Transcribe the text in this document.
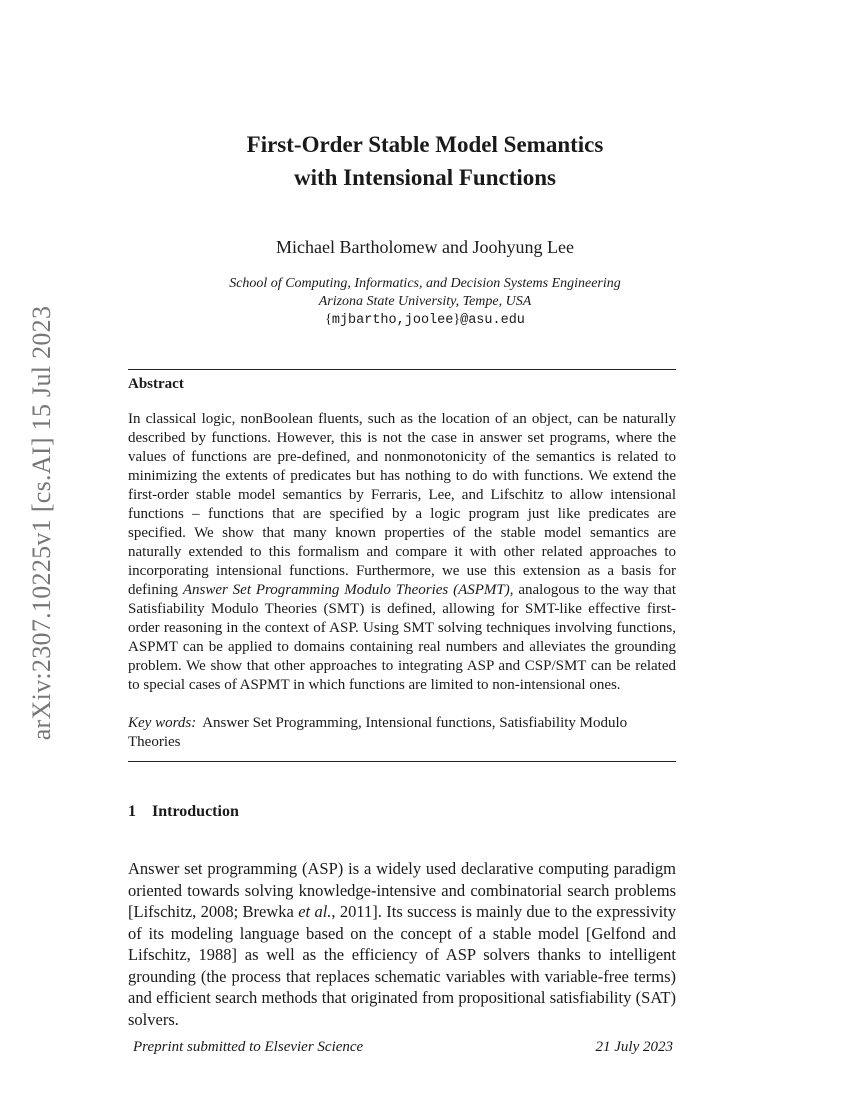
arXiv:2307.10225v1 [cs.AI] 15 Jul 2023
First-Order Stable Model Semantics
with Intensional Functions
Michael Bartholomew and Joohyung Lee
School of Computing, Informatics, and Decision Systems Engineering
Arizona State University, Tempe, USA
{mjbartho,joolee}@asu.edu
Abstract
In classical logic, nonBoolean fluents, such as the location of an object, can be naturally described by functions. However, this is not the case in answer set programs, where the values of functions are pre-defined, and nonmonotonicity of the semantics is related to minimizing the extents of predicates but has nothing to do with functions. We extend the first-order stable model semantics by Ferraris, Lee, and Lifschitz to allow intensional functions – functions that are specified by a logic program just like predicates are specified. We show that many known properties of the stable model semantics are naturally extended to this formalism and compare it with other related approaches to incorporating intensional functions. Furthermore, we use this extension as a basis for defining Answer Set Programming Modulo Theories (ASPMT), analogous to the way that Satisfiability Modulo Theories (SMT) is defined, allowing for SMT-like effective first-order reasoning in the context of ASP. Using SMT solving techniques involving functions, ASPMT can be applied to domains containing real numbers and alleviates the grounding problem. We show that other approaches to integrating ASP and CSP/SMT can be related to special cases of ASPMT in which functions are limited to non-intensional ones.
Key words: Answer Set Programming, Intensional functions, Satisfiability Modulo Theories
1 Introduction
Answer set programming (ASP) is a widely used declarative computing paradigm oriented towards solving knowledge-intensive and combinatorial search problems [Lifschitz, 2008; Brewka et al., 2011]. Its success is mainly due to the expressivity of its modeling language based on the concept of a stable model [Gelfond and Lifschitz, 1988] as well as the efficiency of ASP solvers thanks to intelligent grounding (the process that replaces schematic variables with variable-free terms) and efficient search methods that originated from propositional satisfiability (SAT) solvers.
Preprint submitted to Elsevier Science	21 July 2023
